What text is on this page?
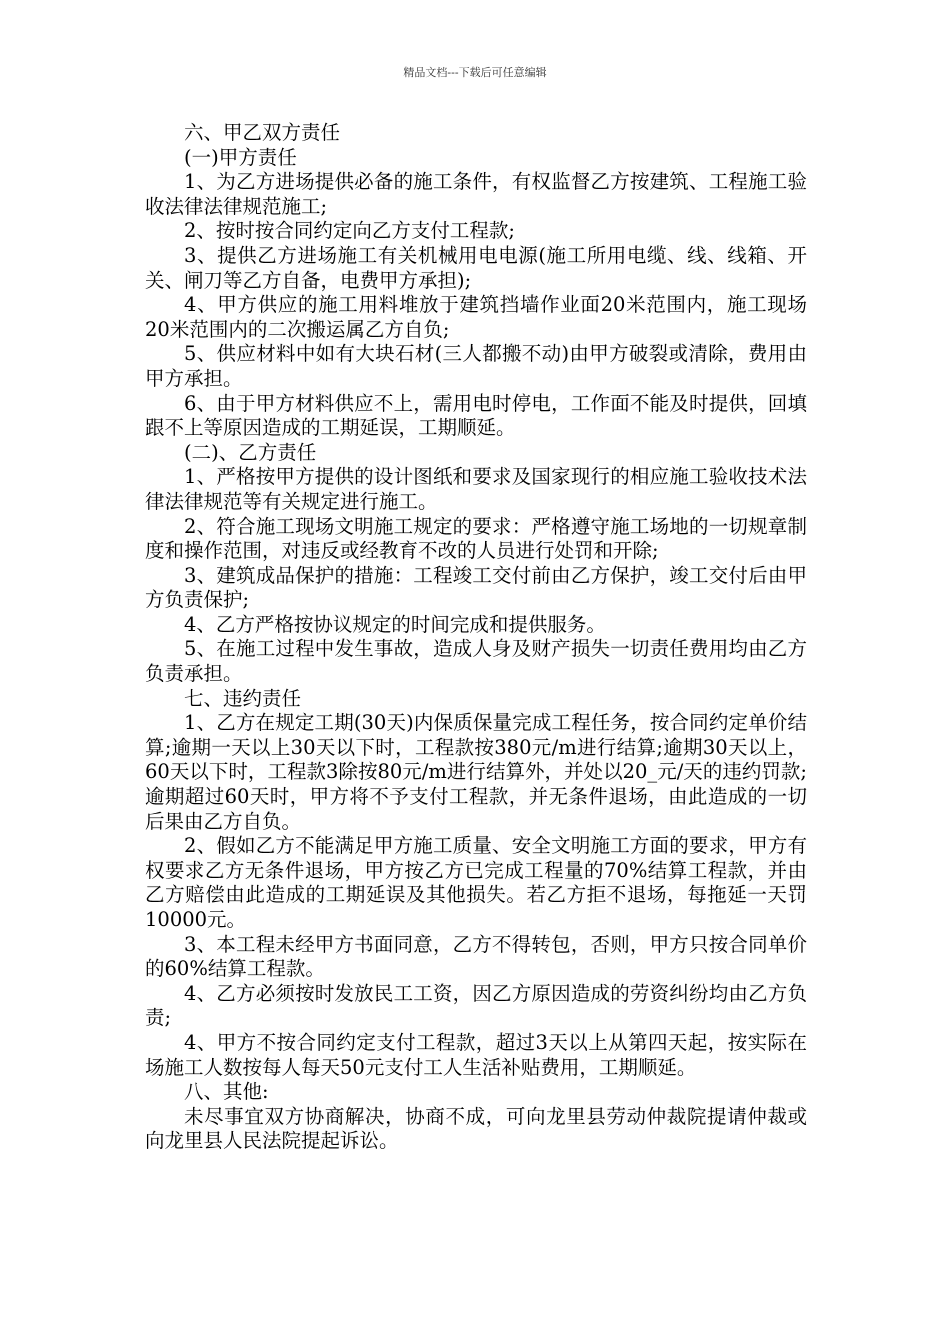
精品文档---下载后可任意编辑

六、甲乙双方责任

(一)甲方责任

1、为乙方进场提供必备的施工条件，有权监督乙方按建筑、工程施工验收法律法律规范施工;

2、按时按合同约定向乙方支付工程款;

3、提供乙方进场施工有关机械用电电源(施工所用电缆、线、线箱、开关、闸刀等乙方自备，电费甲方承担);

4、甲方供应的施工用料堆放于建筑挡墙作业面20米范围内，施工现场20米范围内的二次搬运属乙方自负;

5、供应材料中如有大块石材(三人都搬不动)由甲方破裂或清除，费用由甲方承担。

6、由于甲方材料供应不上，需用电时停电，工作面不能及时提供，回填跟不上等原因造成的工期延误，工期顺延。

(二)、乙方责任

1、严格按甲方提供的设计图纸和要求及国家现行的相应施工验收技术法律法律规范等有关规定进行施工。

2、符合施工现场文明施工规定的要求：严格遵守施工场地的一切规章制度和操作范围，对违反或经教育不改的人员进行处罚和开除;

3、建筑成品保护的措施：工程竣工交付前由乙方保护，竣工交付后由甲方负责保护;

4、乙方严格按协议规定的时间完成和提供服务。

5、在施工过程中发生事故，造成人身及财产损失一切责任费用均由乙方负责承担。

七、违约责任

1、乙方在规定工期(30天)内保质保量完成工程任务，按合同约定单价结算;逾期一天以上30天以下时，工程款按380元/m进行结算;逾期30天以上，60天以下时，工程款3除按80元/m进行结算外，并处以20_元/天的违约罚款;逾期超过60天时，甲方将不予支付工程款，并无条件退场，由此造成的一切后果由乙方自负。

2、假如乙方不能满足甲方施工质量、安全文明施工方面的要求，甲方有权要求乙方无条件退场，甲方按乙方已完成工程量的70%结算工程款，并由乙方赔偿由此造成的工期延误及其他损失。若乙方拒不退场，每拖延一天罚10000元。

3、本工程未经甲方书面同意，乙方不得转包，否则，甲方只按合同单价的60%结算工程款。

4、乙方必须按时发放民工工资，因乙方原因造成的劳资纠纷均由乙方负责;

4、甲方不按合同约定支付工程款，超过3天以上从第四天起，按实际在场施工人数按每人每天50元支付工人生活补贴费用，工期顺延。

八、其他:

未尽事宜双方协商解决，协商不成，可向龙里县劳动仲裁院提请仲裁或向龙里县人民法院提起诉讼。
